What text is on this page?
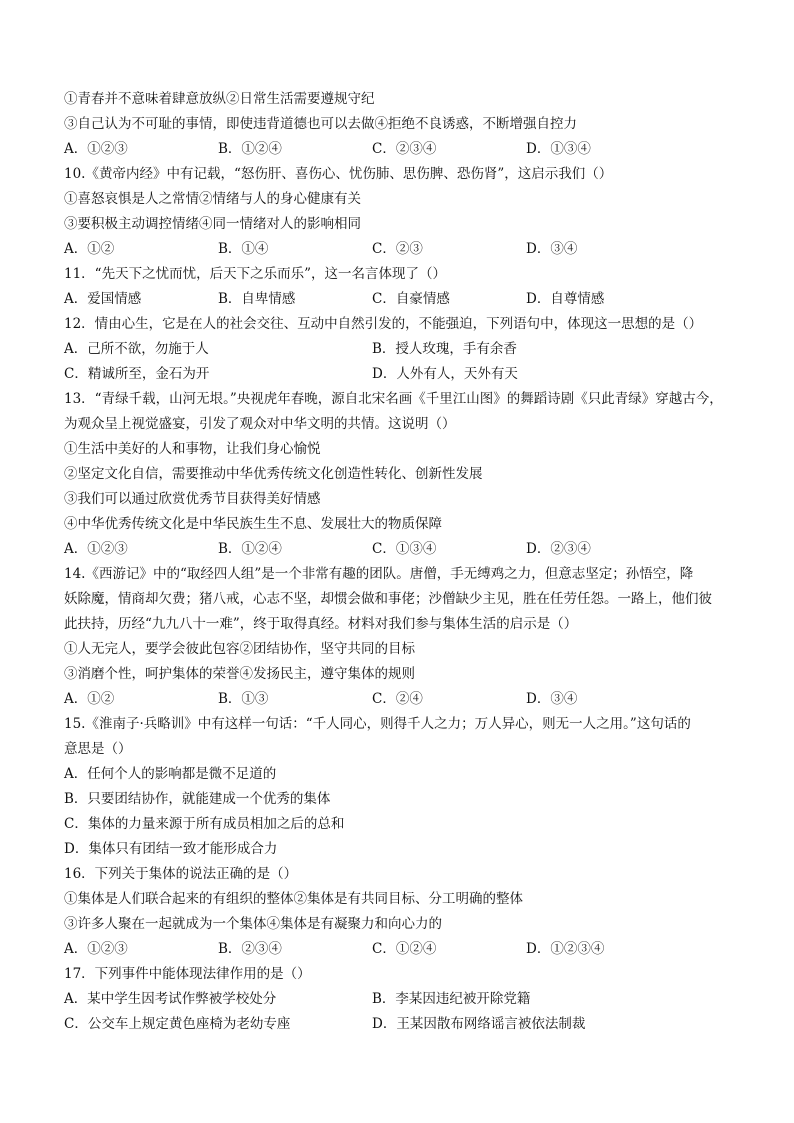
①青春并不意味着肆意放纵②日常生活需要遵规守纪
③自己认为不可耻的事情，即使违背道德也可以去做④拒绝不良诱惑，不断增强自控力
A．①②③	B．①②④	C．②③④	D．①③④
10.《黄帝内经》中有记载，“怒伤肝、喜伤心、忧伤肺、思伤脾、恐伤肾”，这启示我们（）
①喜怒哀惧是人之常情②情绪与人的身心健康有关
③要积极主动调控情绪④同一情绪对人的影响相同
A．①②	B．①④	C．②③	D．③④
11．“先天下之忧而忧，后天下之乐而乐”，这一名言体现了（）
A．爱国情感	B．自卑情感	C．自豪情感	D．自尊情感
12．情由心生，它是在人的社会交往、互动中自然引发的，不能强迫，下列语句中，体现这一思想的是（）
A．己所不欲，勿施于人	B．授人玫瑰，手有余香
C．精诚所至，金石为开	D．人外有人，天外有天
13．“青绿千载，山河无垠。”央视虎年春晚，源自北宋名画《千里江山图》的舞蹈诗剧《只此青绿》穿越古今，
为观众呈上视觉盛宴，引发了观众对中华文明的共情。这说明（）
①生活中美好的人和事物，让我们身心愉悦
②坚定文化自信，需要推动中华优秀传统文化创造性转化、创新性发展
③我们可以通过欣赏优秀节目获得美好情感
④中华优秀传统文化是中华民族生生不息、发展壮大的物质保障
A．①②③	B．①②④	C．①③④	D．②③④
14.《西游记》中的“取经四人组”是一个非常有趣的团队。唐僧，手无缚鸡之力，但意志坚定；孙悟空，降
妖除魔，情商却欠费；猪八戒，心志不坚，却惯会做和事佬；沙僧缺少主见，胜在任劳任怨。一路上，他们彼
此扶持，历经“九九八十一难”，终于取得真经。材料对我们参与集体生活的启示是（）
①人无完人，要学会彼此包容②团结协作，坚守共同的目标
③消磨个性，呵护集体的荣誉④发扬民主，遵守集体的规则
A．①②	B．①③	C．②④	D．③④
15.《淮南子·兵略训》中有这样一句话：“千人同心，则得千人之力；万人异心，则无一人之用。”这句话的
意思是（）
A．任何个人的影响都是微不足道的
B．只要团结协作，就能建成一个优秀的集体
C．集体的力量来源于所有成员相加之后的总和
D．集体只有团结一致才能形成合力
16．下列关于集体的说法正确的是（）
①集体是人们联合起来的有组织的整体②集体是有共同目标、分工明确的整体
③许多人聚在一起就成为一个集体④集体是有凝聚力和向心力的
A．①②③	B．②③④	C．①②④	D．①②③④
17．下列事件中能体现法律作用的是（）
A．某中学生因考试作弊被学校处分	B．李某因违纪被开除党籍
C．公交车上规定黄色座椅为老幼专座	D．王某因散布网络谣言被依法制裁
